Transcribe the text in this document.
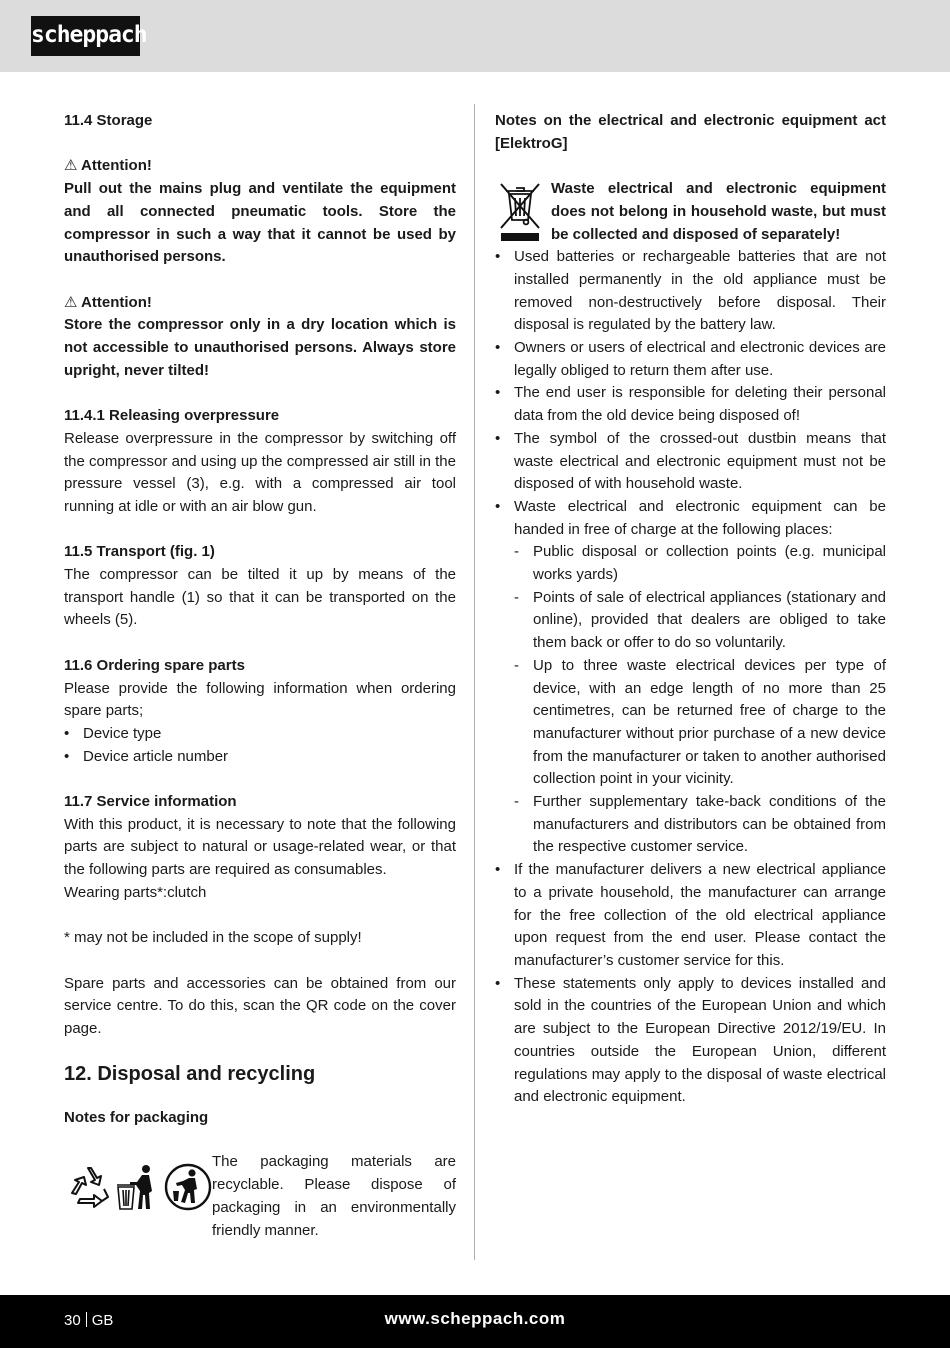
scheppach

11.4 Storage

⚠ Attention!

Pull out the mains plug and ventilate the equipment and all connected pneumatic tools. Store the compressor in such a way that it cannot be used by unauthorised persons.

⚠ Attention!

Store the compressor only in a dry location which is not accessible to unauthorised persons. Always store upright, never tilted!

11.4.1 Releasing overpressure

Release overpressure in the compressor by switching off the compressor and using up the compressed air still in the pressure vessel (3), e.g. with a compressed air tool running at idle or with an air blow gun.

11.5 Transport (fig. 1)

The compressor can be tilted it up by means of the transport handle (1) so that it can be transported on the wheels (5).

11.6 Ordering spare parts

Please provide the following information when ordering spare parts;

• Device type
• Device article number

11.7 Service information

With this product, it is necessary to note that the following parts are subject to natural or usage-related wear, or that the following parts are required as consumables.

Wearing parts*:clutch

* may not be included in the scope of supply!

Spare parts and accessories can be obtained from our service centre. To do this, scan the QR code on the cover page.

12. Disposal and recycling

Notes for packaging

The packaging materials are recyclable. Please dispose of packaging in an environmentally friendly manner.

Notes on the electrical and electronic equipment act [ElektroG]

Waste electrical and electronic equipment does not belong in household waste, but must be collected and disposed of separately!

• Used batteries or rechargeable batteries that are not installed permanently in the old appliance must be removed non-destructively before disposal. Their disposal is regulated by the battery law.
• Owners or users of electrical and electronic devices are legally obliged to return them after use.
• The end user is responsible for deleting their personal data from the old device being disposed of!
• The symbol of the crossed-out dustbin means that waste electrical and electronic equipment must not be disposed of with household waste.
• Waste electrical and electronic equipment can be handed in free of charge at the following places:
- Public disposal or collection points (e.g. municipal works yards)
- Points of sale of electrical appliances (stationary and online), provided that dealers are obliged to take them back or offer to do so voluntarily.
- Up to three waste electrical devices per type of device, with an edge length of no more than 25 centimetres, can be returned free of charge to the manufacturer without prior purchase of a new device from the manufacturer or taken to another authorised collection point in your vicinity.
- Further supplementary take-back conditions of the manufacturers and distributors can be obtained from the respective customer service.
• If the manufacturer delivers a new electrical appliance to a private household, the manufacturer can arrange for the free collection of the old electrical appliance upon request from the end user. Please contact the manufacturer’s customer service for this.
• These statements only apply to devices installed and sold in the countries of the European Union and which are subject to the European Directive 2012/19/EU. In countries outside the European Union, different regulations may apply to the disposal of waste electrical and electronic equipment.
30 GB	www.scheppach.com
